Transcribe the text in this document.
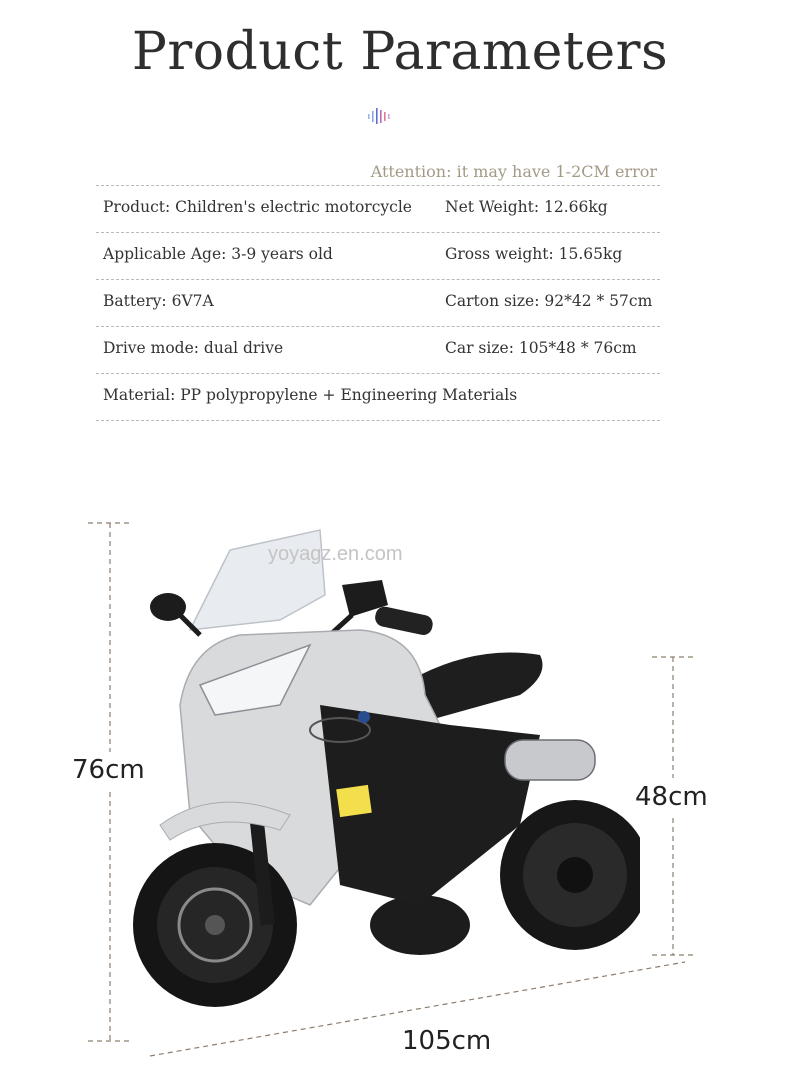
Product Parameters
Attention: it may have 1-2CM error
Product: Children's electric motorcycle Net Weight: 12.66kg
Applicable Age: 3-9 years old	Gross weight: 15.65kg
Battery: 6V7A	Carton size: 92*42 * 57cm
Drive mode: dual drive	Car size: 105*48 * 76cm
Material: PP polypropylene + Engineering Materials
76cm
48cm
105cm
yoyagz.en.com
